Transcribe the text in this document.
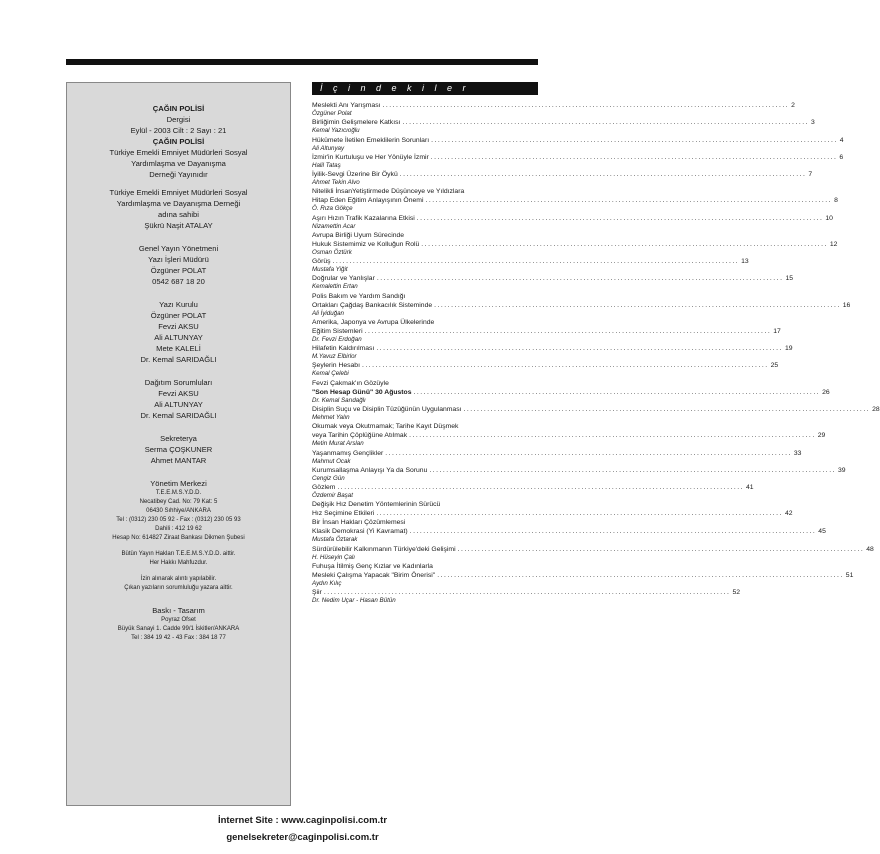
ÇAĞIN POLİSİ
Dergisi
Eylül - 2003 Cilt : 2 Sayı : 21
ÇAĞIN POLİSİ
Türkiye Emekli Emniyet Müdürleri Sosyal
Yardımlaşma ve Dayanışma
Derneği Yayınıdır
Türkiye Emekli Emniyet Müdürleri Sosyal
Yardımlaşma ve Dayanışma Derneği
adına sahibi
Şükrü Naşit ATALAY
Genel Yayın Yönetmeni
Yazı İşleri Müdürü
Özgüner POLAT
0542 687 18 20
Yazı Kurulu
Özgüner POLAT
Fevzi AKSU
Ali ALTUNYAY
Mete KALELİ
Dr. Kemal SARIDAĞLI
Dağıtım Sorumluları
Fevzi AKSU
Ali ALTUNYAY
Dr. Kemal SARIDAĞLI
Sekreterya
Serma ÇOŞKUNER
Ahmet MANTAR
Yönetim Merkezi
T.E.E.M.S.Y.D.D.
Necatibey Cad. No: 79 Kat: 5
06430 Sıhhiye/ANKARA
Tel : (0312) 230 05 92 - Fax : (0312) 230 05 93
Dahili : 412 19 62
Hesap No: 614827 Ziraat Bankası Dikmen Şubesi
Bütün Yayın Hakları T.E.E.M.S.Y.D.D. aittir.
Her Hakkı Mahfuzdur.
İzin alınarak alıntı yapılabilir.
Çıkan yazıların sorumluluğu yazara aittir.
Baskı - Tasarım
Poyraz Ofset
Büyük Sanayi 1. Cadde 99/1 İskitler/ANKARA
Tel : 384 19 42 - 43 Fax : 384 18 77
İçindekiler
Meslekti Anı Yarışması ........................................................................................................................ 2
Özgüner Polat
Birliğimin Gelişmelere Katkısı ........................................................................................................................ 3
Kemal Yazıcıoğlu
Hükümete İletilen Emeklilerin Sorunları ........................................................................................................................ 4
Ali Altunyay
İzmir'in Kurtuluşu ve Her Yönüyle İzmir ........................................................................................................................ 6
Halil Tataş
İyilik-Sevgi Üzerine Bir Öykü ........................................................................................................................ 7
Ahmet Tekin Alvo
Nitelikli İnsanYetiştirmede Düşünceye ve Yıldızlara
Hitap Eden Eğitim Anlayışının Önemi ........................................................................................................................ 8
Ö. Rıza Gökçe
Aşırı Hızın Trafik Kazalarına Etkisi ........................................................................................................................ 10
Nizamettin Acar
Avrupa Birliği Uyum Sürecinde
Hukuk Sistemimiz ve Kolluğun Rolü ........................................................................................................................ 12
Osman Öztürk
Görüş ........................................................................................................................ 13
Mustafa Yiğit
Doğrular ve Yanlışlar ........................................................................................................................ 15
Kemalettin Ertan
Polis Bakım ve Yardım Sandığı
Ortakları Çağdaş Bankacılık Sisteminde ........................................................................................................................ 16
Ali İyiduğan
Amerika, Japonya ve Avrupa Ülkelerinde
Eğitim Sistemleri ........................................................................................................................ 17
Dr. Fevzi Erdoğan
Hilafetin Kaldırılması ........................................................................................................................ 19
M.Yavuz Elbirlor
Şeylerin Hesabı ........................................................................................................................ 25
Kemal Çelebi
Fevzi Çakmak'ın Gözüyle
"Son Hesap Günü" 30 Ağustos ........................................................................................................................ 26
Dr. Kemal Sarıdağlı
Disiplin Suçu ve Disiplin Tüzüğünün Uygulanması ........................................................................................................................ 28
Mehmet Yalın
Okumak veya Okutmamak; Tarihe Kayıt Düşmek
veya Tarihin Çöplüğüne Atılmak ........................................................................................................................ 29
Metin Murat Arslan
Yaşanmamış Gençlikler ........................................................................................................................ 33
Mahmut Ocak
Kurumsallaşma Anlayışı Ya da Sorunu ........................................................................................................................ 39
Cengiz Gün
Gözlem ........................................................................................................................ 41
Özdemir Başat
Değişik Hız Denetim Yöntemlerinin Sürücü
Hız Seçimine Etkileri ........................................................................................................................ 42
Bir İnsan Hakları Çözümlemesi
Klasik Demokrasi (Yi Kavramat) ........................................................................................................................ 45
Mustafa Öztarak
Sürdürülebilir Kalkınmanın Türkiye'deki Gelişimi ........................................................................................................................ 48
H. Hüseyin Çalı
Fuhuşa İtilmiş Genç Kızlar ve Kadınlarla
Mesleki Çalışma Yapacak "Birim Önerisi" ........................................................................................................................ 51
Aydın Kılıç
Şiir ........................................................................................................................ 52
Dr. Nedim Uçar - Hasan Bütün
İnternet Site : www.caginpolisi.com.tr
genelsekreter@caginpolisi.com.tr
